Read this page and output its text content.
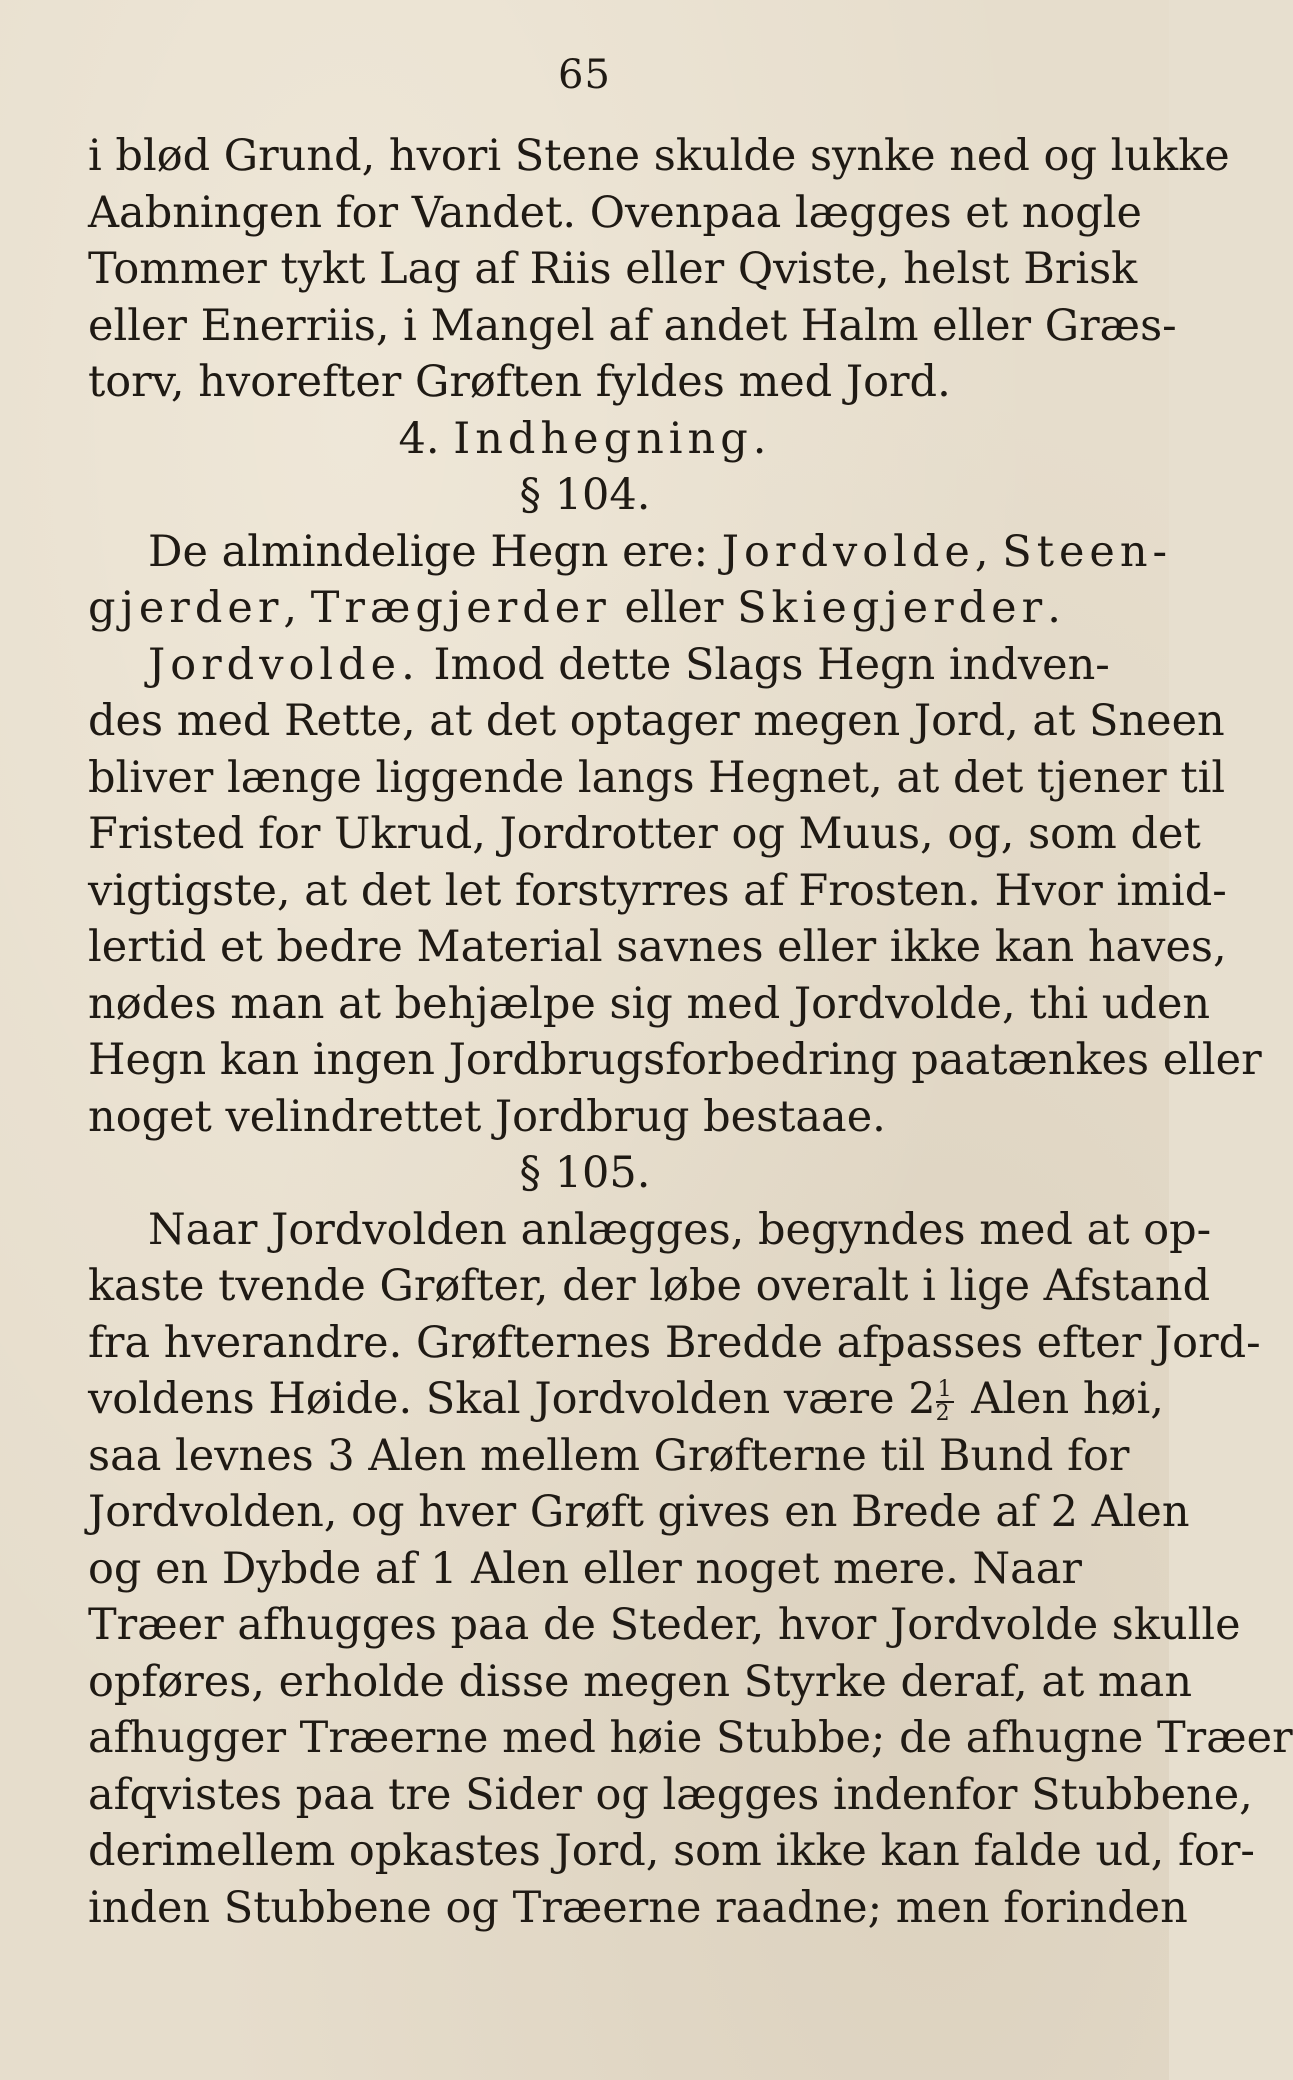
65
i blød Grund, hvori Stene skulde synke ned og lukke
Aabningen for Vandet. Ovenpaa lægges et nogle
Tommer tykt Lag af Riis eller Qviste, helst Brisk
eller Enerriis, i Mangel af andet Halm eller Græs-
torv, hvorefter Grøften fyldes med Jord.
4. Indhegning.
§ 104.
De almindelige Hegn ere: Jordvolde, Steen-
gjerder, Trægjerder eller Skiegjerder.
Jordvolde. Imod dette Slags Hegn indven-
des med Rette, at det optager megen Jord, at Sneen
bliver længe liggende langs Hegnet, at det tjener til
Fristed for Ukrud, Jordrotter og Muus, og, som det
vigtigste, at det let forstyrres af Frosten. Hvor imid-
lertid et bedre Material savnes eller ikke kan haves,
nødes man at behjælpe sig med Jordvolde, thi uden
Hegn kan ingen Jordbrugsforbedring paatænkes eller
noget velindrettet Jordbrug bestaae.
§ 105.
Naar Jordvolden anlægges, begyndes med at op-
kaste tvende Grøfter, der løbe overalt i lige Afstand
fra hverandre. Grøfternes Bredde afpasses efter Jord-
voldens Høide. Skal Jordvolden være $2 \frac{1}{2}$ Alen høi,
saa levnes 3 Alen mellem Grøfterne til Bund for
Jordvolden, og hver Grøft gives en Brede af 2 Alen
og en Dybde af 1 Alen eller noget mere. Naar
Træer afhugges paa de Steder, hvor Jordvolde skulle
opføres, erholde disse megen Styrke deraf, at man
afhugger Træerne med høie Stubbe; de afhugne Træer
afqvistes paa tre Sider og lægges indenfor Stubbene,
derimellem opkastes Jord, som ikke kan falde ud, for-
inden Stubbene og Træerne raadne; men forinden
